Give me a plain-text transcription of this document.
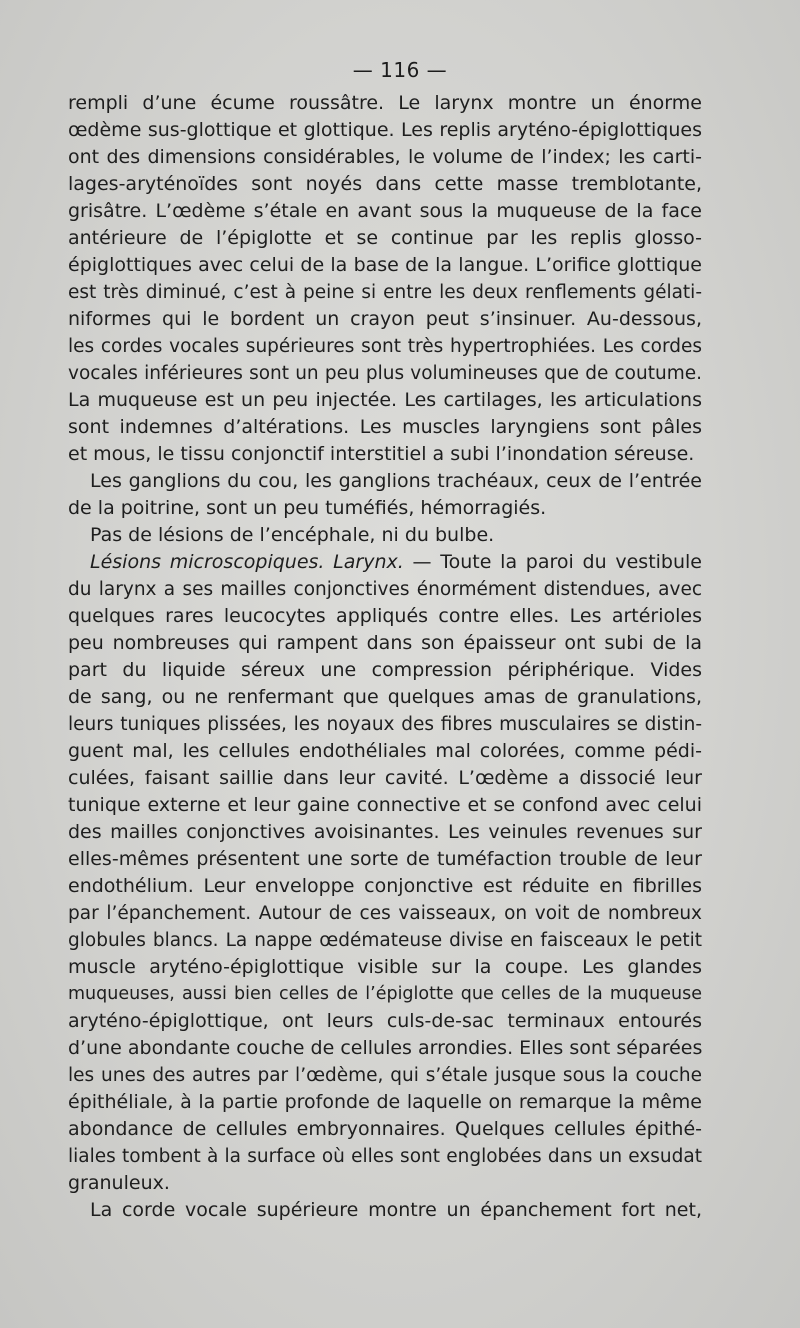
— 116 —
rempli d’une écume roussâtre. Le larynx montre un énorme
œdème sus-glottique et glottique. Les replis aryténo-épiglottiques
ont des dimensions considérables, le volume de l’index; les carti-
lages-aryténoïdes sont noyés dans cette masse tremblotante,
grisâtre. L’œdème s’étale en avant sous la muqueuse de la face
antérieure de l’épiglotte et se continue par les replis glosso-
épiglottiques avec celui de la base de la langue. L’orifice glottique
est très diminué, c’est à peine si entre les deux renflements gélati-
niformes qui le bordent un crayon peut s’insinuer. Au-dessous,
les cordes vocales supérieures sont très hypertrophiées. Les cordes
vocales inférieures sont un peu plus volumineuses que de coutume.
La muqueuse est un peu injectée. Les cartilages, les articulations
sont indemnes d’altérations. Les muscles laryngiens sont pâles
et mous, le tissu conjonctif interstitiel a subi l’inondation séreuse.
Les ganglions du cou, les ganglions trachéaux, ceux de l’entrée
de la poitrine, sont un peu tuméfiés, hémorragiés.
Pas de lésions de l’encéphale, ni du bulbe.
Lésions microscopiques. Larynx. — Toute la paroi du vestibule
du larynx a ses mailles conjonctives énormément distendues, avec
quelques rares leucocytes appliqués contre elles. Les artérioles
peu nombreuses qui rampent dans son épaisseur ont subi de la
part du liquide séreux une compression périphérique. Vides
de sang, ou ne renfermant que quelques amas de granulations,
leurs tuniques plissées, les noyaux des fibres musculaires se distin-
guent mal, les cellules endothéliales mal colorées, comme pédi-
culées, faisant saillie dans leur cavité. L’œdème a dissocié leur
tunique externe et leur gaine connective et se confond avec celui
des mailles conjonctives avoisinantes. Les veinules revenues sur
elles-mêmes présentent une sorte de tuméfaction trouble de leur
endothélium. Leur enveloppe conjonctive est réduite en fibrilles
par l’épanchement. Autour de ces vaisseaux, on voit de nombreux
globules blancs. La nappe œdémateuse divise en faisceaux le petit
muscle aryténo-épiglottique visible sur la coupe. Les glandes
muqueuses, aussi bien celles de l’épiglotte que celles de la muqueuse
aryténo-épiglottique, ont leurs culs-de-sac terminaux entourés
d’une abondante couche de cellules arrondies. Elles sont séparées
les unes des autres par l’œdème, qui s’étale jusque sous la couche
épithéliale, à la partie profonde de laquelle on remarque la même
abondance de cellules embryonnaires. Quelques cellules épithé-
liales tombent à la surface où elles sont englobées dans un exsudat
granuleux.
La corde vocale supérieure montre un épanchement fort net,
